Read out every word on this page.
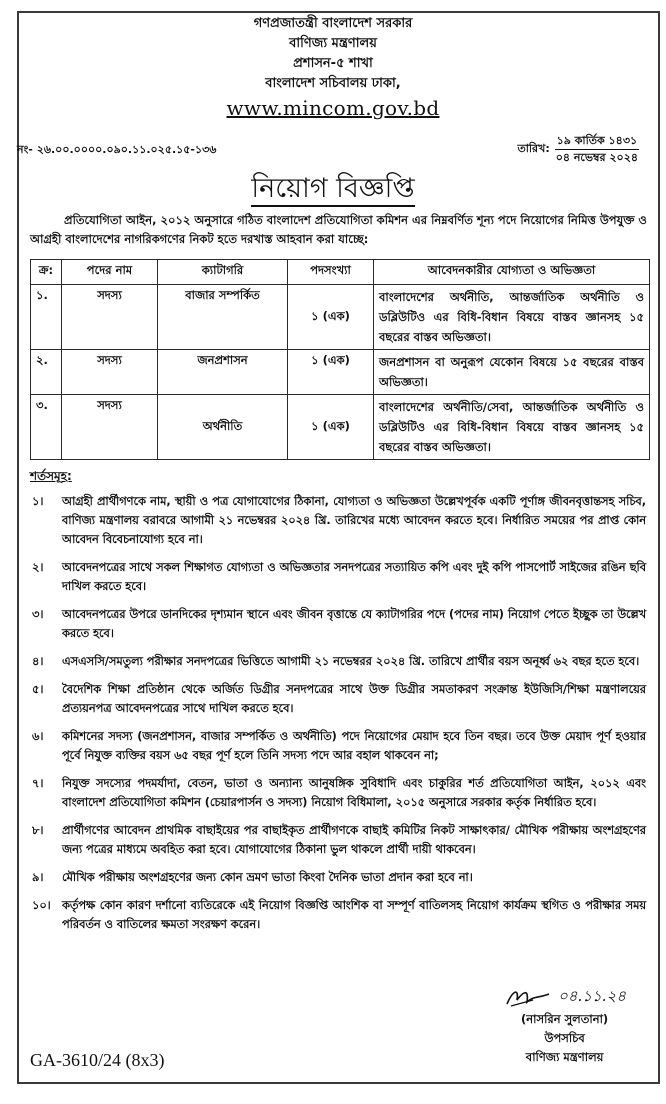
গণপ্রজাতন্ত্রী বাংলাদেশ সরকার
বাণিজ্য মন্ত্রণালয়
প্রশাসন-৫ শাখা
বাংলাদেশ সচিবালয় ঢাকা,
www.mincom.gov.bd
নং- ২৬.০০.০০০০.০৯০.১১.০২৫.১৫-১৩৬	তারিখ: $\frac{\text{১৯ কার্তিক ১৪৩১}}{\text{০৪ নভেম্বর ২০২৪}}$
নিয়োগ বিজ্ঞপ্তি
প্রতিযোগিতা আইন, ২০১২ অনুসারে গঠিত বাংলাদেশ প্রতিযোগিতা কমিশন এর নিম্নবর্ণিত শূন্য পদে নিয়োগের নিমিত্ত উপযুক্ত ও আগ্রহী বাংলাদেশের নাগরিকগণের নিকট হতে দরখাস্ত আহবান করা যাচ্ছে:
ক্র:	পদের নাম	ক্যাটাগরি	পদসংখ্যা	আবেদনকারীর যোগ্যতা ও অভিজ্ঞতা
১.	সদস্য	বাজার সম্পর্কিত	১ (এক)	বাংলাদেশের অর্থনীতি, আন্তর্জাতিক অর্থনীতি ও ডব্লিউটিও এর বিধি-বিধান বিষয়ে বাস্তব জ্ঞানসহ ১৫ বছরের বাস্তব অভিজ্ঞতা।
২.	সদস্য	জনপ্রশাসন	১ (এক)	জনপ্রশাসন বা অনুরূপ যেকোন বিষয়ে ১৫ বছরের বাস্তব অভিজ্ঞতা।
৩.	সদস্য	অর্থনীতি	১ (এক)	বাংলাদেশের অর্থনীতি/সেবা, আন্তর্জাতিক অর্থনীতি ও ডব্লিউটিও এর বিধি-বিধান বিষয়ে বাস্তব জ্ঞানসহ ১৫ বছরের বাস্তব অভিজ্ঞতা।
শর্তসমূহ:
১।	আগ্রহী প্রার্থীগণকে নাম, স্থায়ী ও পত্র যোগাযোগের ঠিকানা, যোগ্যতা ও অভিজ্ঞতা উল্লেখপূর্বক একটি পূর্ণাঙ্গ জীবনবৃত্তান্তসহ সচিব, বাণিজ্য মন্ত্রণালয় বরাবরে আগামী ২১ নভেম্বরর ২০২৪ খ্রি. তারিখের মধ্যে আবেদন করতে হবে। নির্ধারিত সময়ের পর প্রাপ্ত কোন আবেদন বিবেচনাযোগ্য হবে না।
২।	আবেদনপত্রের সাথে সকল শিক্ষাগত যোগ্যতা ও অভিজ্ঞতার সনদপত্রের সত্যায়িত কপি এবং দুই কপি পাসপোর্ট সাইজের রঙিন ছবি দাখিল করতে হবে।
৩।	আবেদনপত্রের উপরে ডানদিকের দৃশ্যমান স্থানে এবং জীবন বৃত্তান্তে যে ক্যাটাগরির পদে (পদের নাম) নিয়োগ পেতে ইচ্ছুক তা উল্লেখ করতে হবে।
৪।	এসএসসি/সমতুল্য পরীক্ষার সনদপত্রের ভিত্তিতে আগামী ২১ নভেম্বরর ২০২৪ খ্রি. তারিখে প্রার্থীর বয়স অনূর্ধ্ব ৬২ বছর হতে হবে।
৫।	বৈদেশিক শিক্ষা প্রতিষ্ঠান থেকে অর্জিত ডিগ্রীর সনদপত্রের সাথে উক্ত ডিগ্রীর সমতাকরণ সংক্রান্ত ইউজিসি/শিক্ষা মন্ত্রণালয়ের প্রত্যয়নপত্র আবেদনপত্রের সাথে দাখিল করতে হবে।
৬।	কমিশনের সদস্য (জনপ্রশাসন, বাজার সম্পর্কিত ও অর্থনীতি) পদে নিয়োগের মেয়াদ হবে তিন বছর। তবে উক্ত মেয়াদ পূর্ণ হওয়ার পূর্বে নিযুক্ত ব্যক্তির বয়স ৬৫ বছর পূর্ণ হলে তিনি সদস্য পদে আর বহাল থাকবেন না;
৭।	নিযুক্ত সদস্যের পদমর্যাদা, বেতন, ভাতা ও অন্যান্য আনুষঙ্গিক সুবিধাদি এবং চাকুরির শর্ত প্রতিযোগিতা আইন, ২০১২ এবং বাংলাদেশ প্রতিযোগিতা কমিশন (চেয়ারপার্সন ও সদস্য) নিয়োগ বিধিমালা, ২০১৫ অনুসারে সরকার কর্তৃক নির্ধারিত হবে।
৮।	প্রার্থীগণের আবেদন প্রাথমিক বাছাইয়ের পর বাছাইকৃত প্রার্থীগণকে বাছাই কমিটির নিকট সাক্ষাৎকার/ মৌখিক পরীক্ষায় অংশগ্রহণের জন্য পত্রের মাধ্যমে অবহিত করা হবে। যোগাযোগের ঠিকানা ভুল থাকলে প্রার্থী দায়ী থাকবেন।
৯।	মৌখিক পরীক্ষায় অংশগ্রহণের জন্য কোন ভ্রমণ ভাতা কিংবা দৈনিক ভাতা প্রদান করা হবে না।
১০। কর্তৃপক্ষ কোন কারণ দর্শানো ব্যতিরেকে এই নিয়োগ বিজ্ঞপ্তি আংশিক বা সম্পূর্ণ বাতিলসহ নিয়োগ কার্যক্রম স্থগিত ও পরীক্ষার সময় পরিবর্তন ও বাতিলের ক্ষমতা সংরক্ষণ করেন।
০৪.১১.২৪
(নাসরিন সুলতানা)
উপসচিব
বাণিজ্য মন্ত্রণালয়
GA-3610/24 (8x3)
